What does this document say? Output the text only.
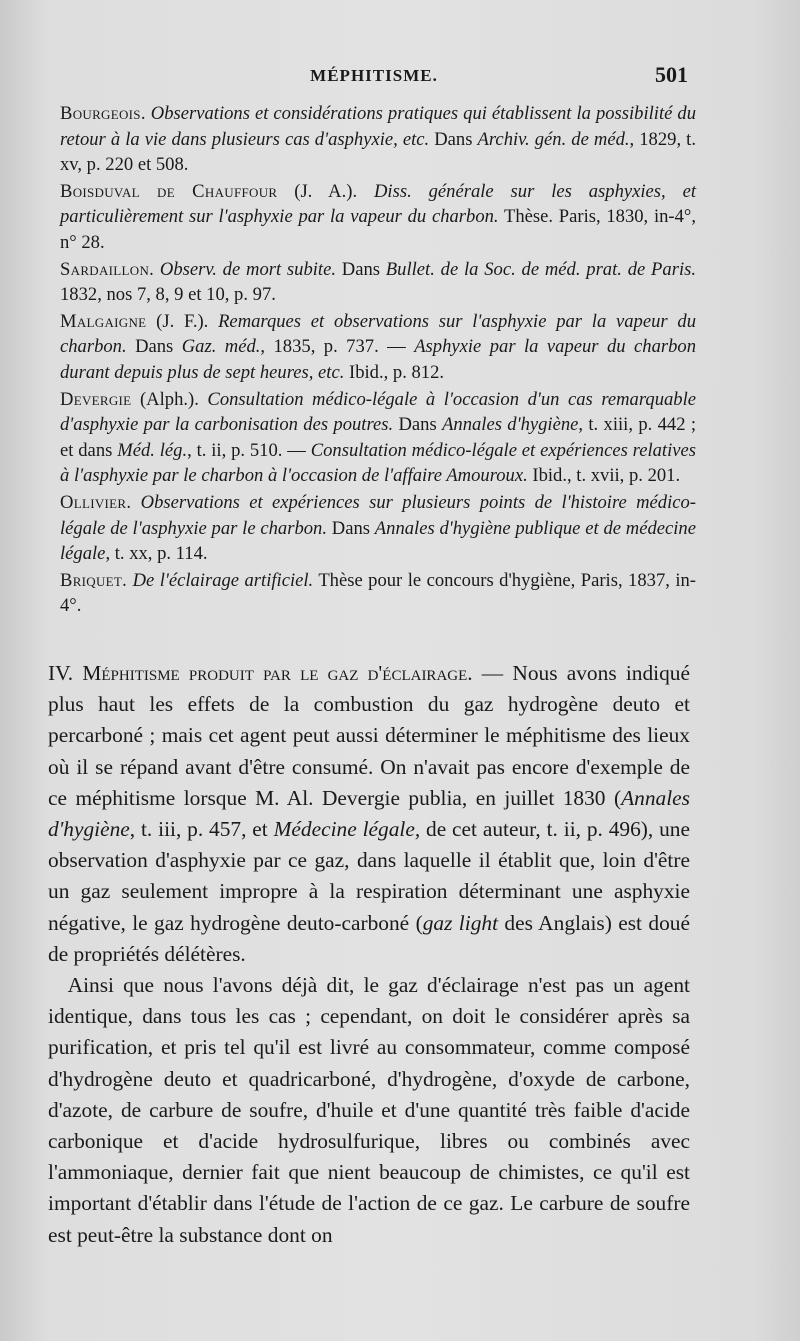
MÉPHITISME.	501

Bourgeois. Observations et considérations pratiques qui établissent la possibilité du retour à la vie dans plusieurs cas d'asphyxie, etc. Dans Archiv. gén. de méd., 1829, t. xv, p. 220 et 508.

Boisduval de Chauffour (J. A.). Diss. générale sur les asphyxies, et particulièrement sur l'asphyxie par la vapeur du charbon. Thèse. Paris, 1830, in-4°, n° 28.

Sardaillon. Observ. de mort subite. Dans Bullet. de la Soc. de méd. prat. de Paris. 1832, nos 7, 8, 9 et 10, p. 97.

Malgaigne (J. F.). Remarques et observations sur l'asphyxie par la vapeur du charbon. Dans Gaz. méd., 1835, p. 737. — Asphyxie par la vapeur du charbon durant depuis plus de sept heures, etc. Ibid., p. 812.

Devergie (Alph.). Consultation médico-légale à l'occasion d'un cas remarquable d'asphyxie par la carbonisation des poutres. Dans Annales d'hygiène, t. xiii, p. 442 ; et dans Méd. lég., t. ii, p. 510. — Consultation médico-légale et expériences relatives à l'asphyxie par le charbon à l'occasion de l'affaire Amouroux. Ibid., t. xvii, p. 201.

Ollivier. Observations et expériences sur plusieurs points de l'histoire médico-légale de l'asphyxie par le charbon. Dans Annales d'hygiène publique et de médecine légale, t. xx, p. 114.

Briquet. De l'éclairage artificiel. Thèse pour le concours d'hygiène, Paris, 1837, in-4°.

IV. Méphitisme produit par le gaz d'éclairage. — Nous avons indiqué plus haut les effets de la combustion du gaz hydrogène deuto et percarboné ; mais cet agent peut aussi déterminer le méphitisme des lieux où il se répand avant d'être consumé. On n'avait pas encore d'exemple de ce méphitisme lorsque M. Al. Devergie publia, en juillet 1830 (Annales d'hygiène, t. iii, p. 457, et Médecine légale, de cet auteur, t. ii, p. 496), une observation d'asphyxie par ce gaz, dans laquelle il établit que, loin d'être un gaz seulement impropre à la respiration déterminant une asphyxie négative, le gaz hydrogène deuto-carboné (gaz light des Anglais) est doué de propriétés délétères.

Ainsi que nous l'avons déjà dit, le gaz d'éclairage n'est pas un agent identique, dans tous les cas ; cependant, on doit le considérer après sa purification, et pris tel qu'il est livré au consommateur, comme composé d'hydrogène deuto et quadricarboné, d'hydrogène, d'oxyde de carbone, d'azote, de carbure de soufre, d'huile et d'une quantité très faible d'acide carbonique et d'acide hydrosulfurique, libres ou combinés avec l'ammoniaque, dernier fait que nient beaucoup de chimistes, ce qu'il est important d'établir dans l'étude de l'action de ce gaz. Le carbure de soufre est peut-être la substance dont on
